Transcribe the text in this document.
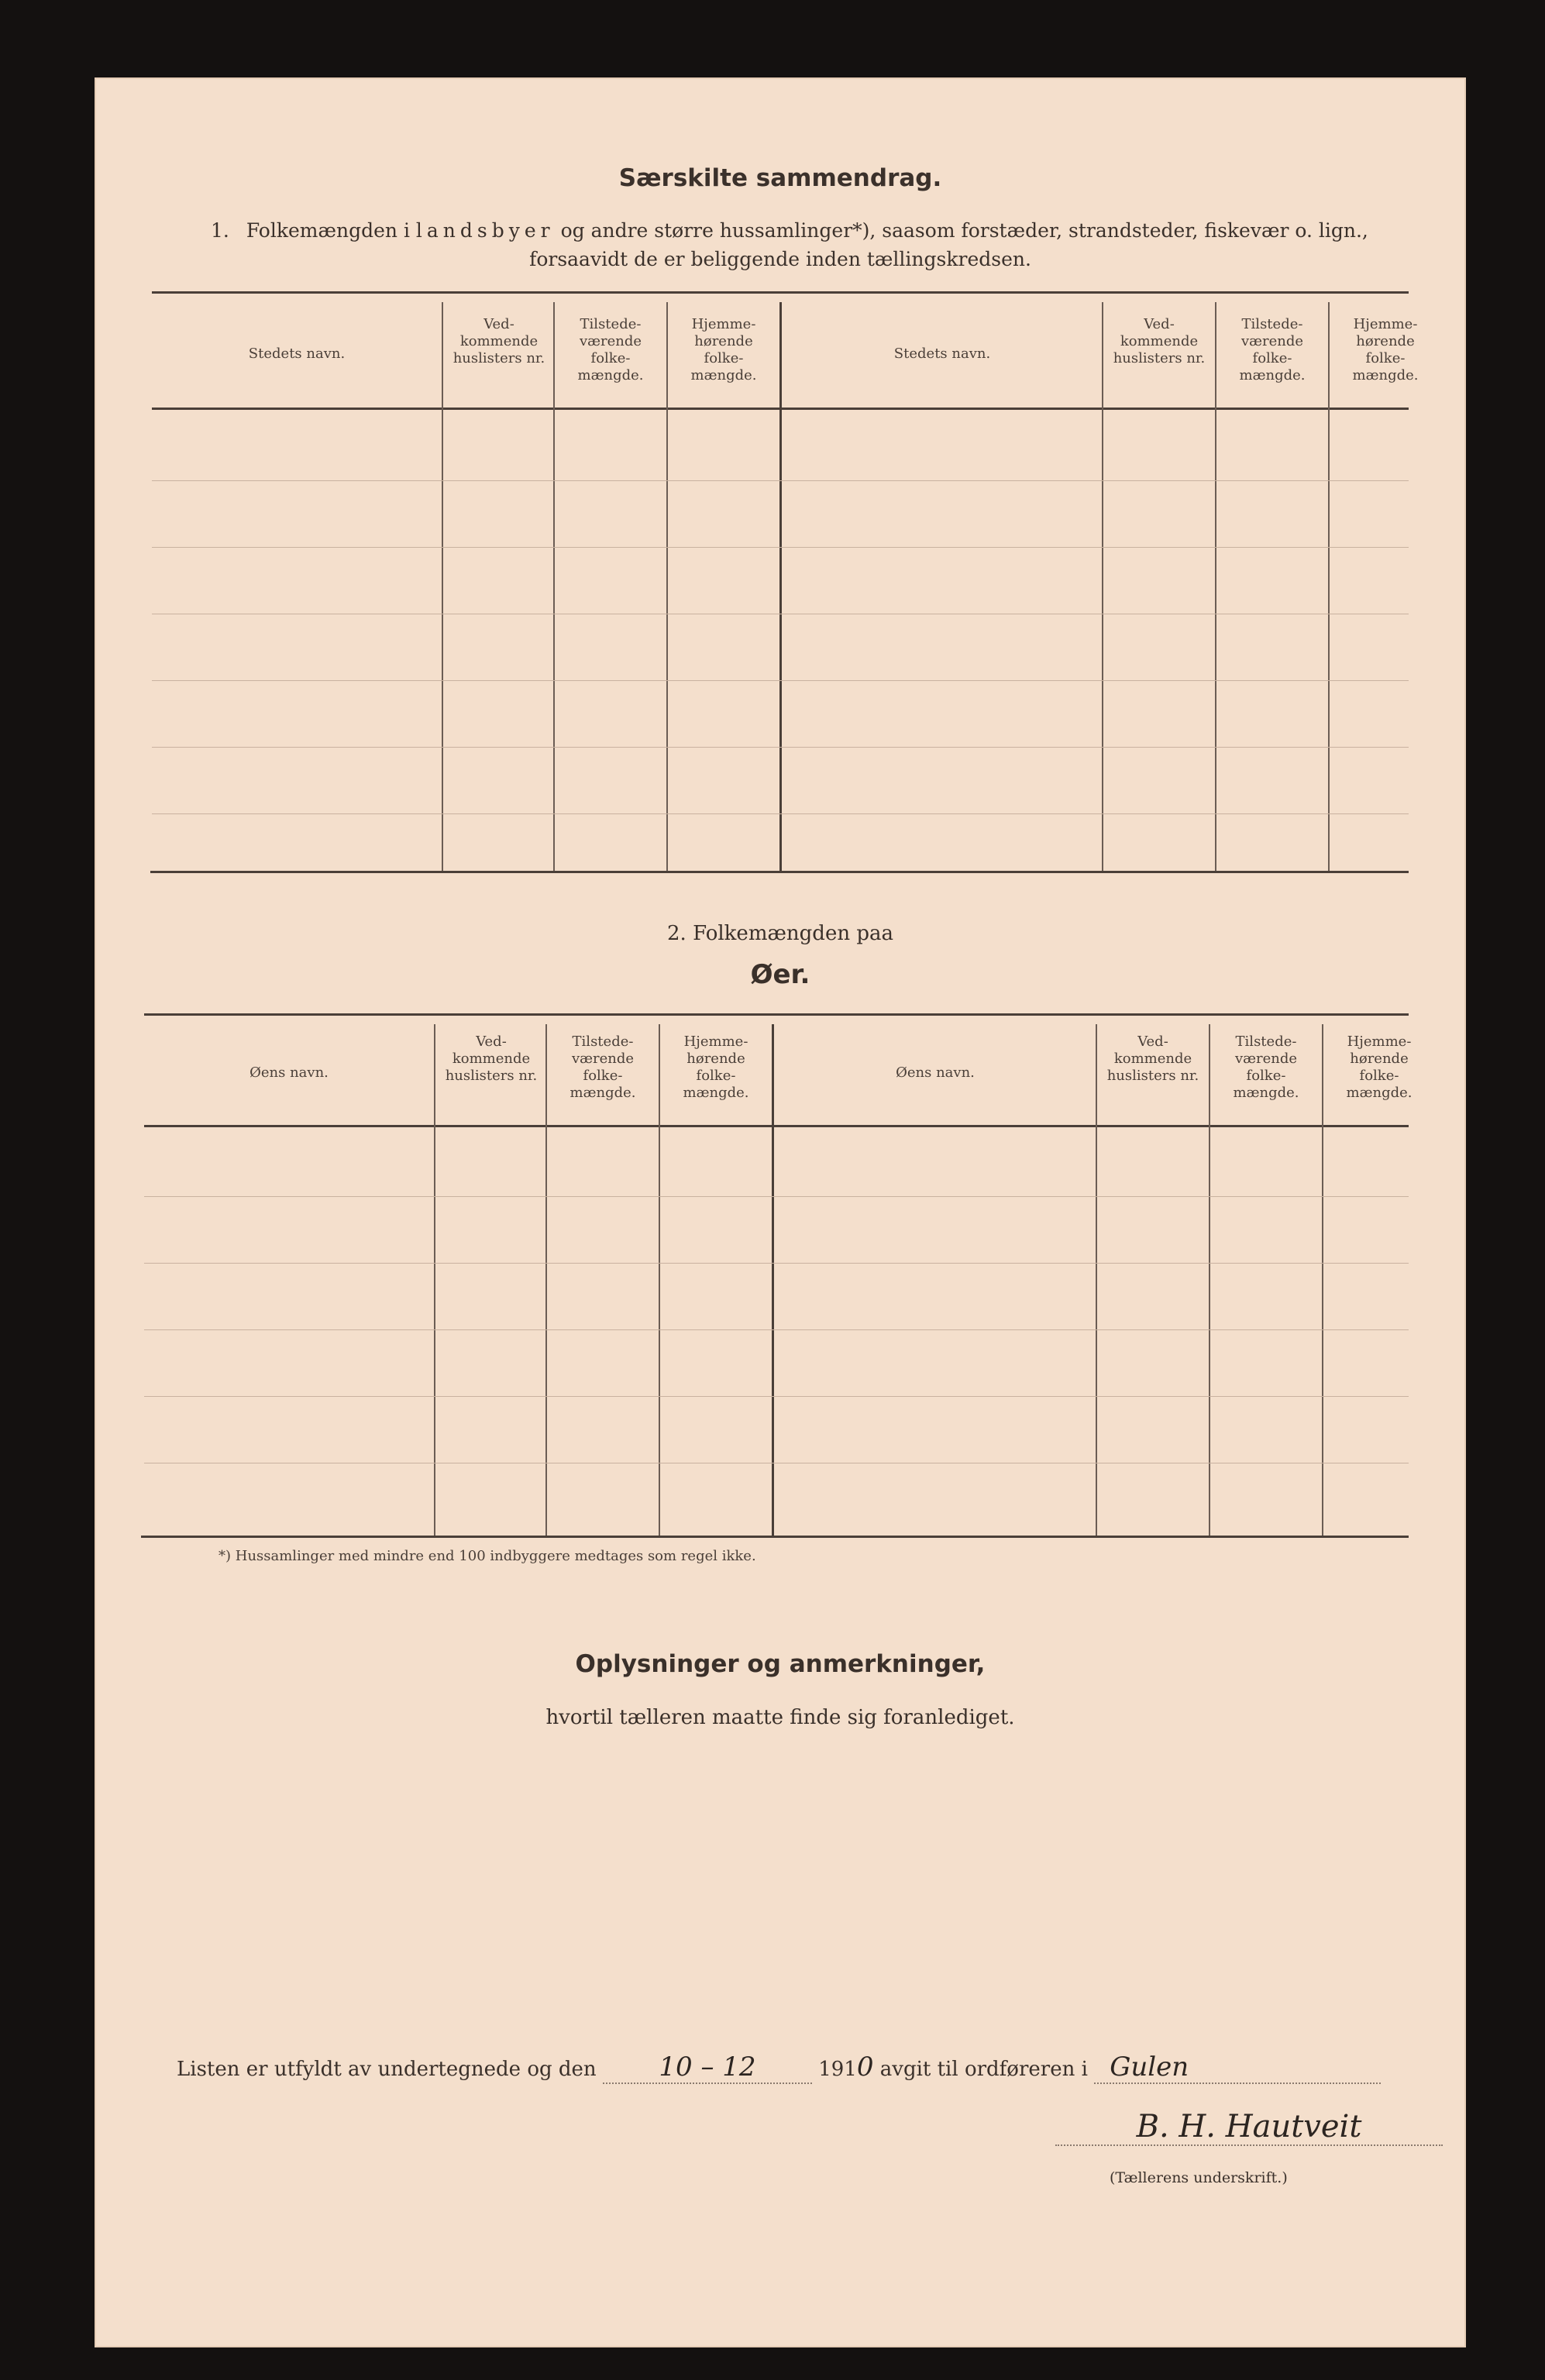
Særskilte sammendrag.
1. Folkemængden i landsbyer og andre større hussamlinger*), saasom forstæder, strandsteder, fiskevær o. lign.,
forsaavidt de er beliggende inden tællingskredsen.
Stedets navn.
Ved-kommende huslisters nr.
Tilstede-værende folke-mængde.
Hjemme-hørende folke-mængde.
Stedets navn.
Ved-kommende huslisters nr.
Tilstede-værende folke-mængde.
Hjemme-hørende folke-mængde.
2. Folkemængden paa
Øer.
Øens navn.
Ved-kommende huslisters nr.
Tilstede-værende folke-mængde.
Hjemme-hørende folke-mængde.
Øens navn.
Ved-kommende huslisters nr.
Tilstede-værende folke-mængde.
Hjemme-hørende folke-mængde.
*) Hussamlinger med mindre end 100 indbyggere medtages som regel ikke.
Oplysninger og anmerkninger,
hvortil tælleren maatte finde sig foranlediget.
Listen er utfyldt av undertegnede og den 10 – 12	1910 avgit til ordføreren i Gulen
B. H. Hautveit
(Tællerens underskrift.)
